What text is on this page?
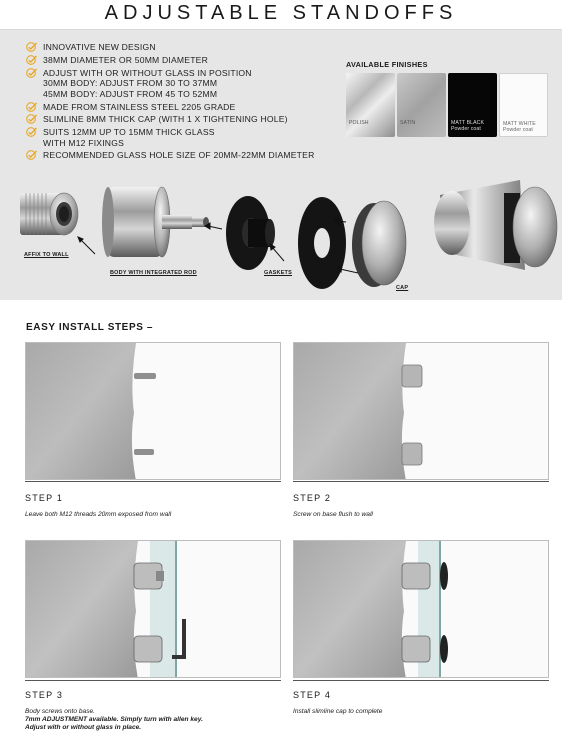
ADJUSTABLE STANDOFFS
INNOVATIVE NEW DESIGN
38MM DIAMETER OR 50MM DIAMETER
ADJUST WITH OR WITHOUT GLASS IN POSITION
30MM BODY: ADJUST FROM 30 TO 37MM
45MM BODY: ADJUST FROM 45 TO 52MM
MADE FROM STAINLESS STEEL 2205 GRADE
SLIMLINE 8MM THICK CAP (WITH 1 X TIGHTENING HOLE)
SUITS 12MM UP TO 15MM THICK GLASS
WITH M12 FIXINGS
RECOMMENDED GLASS HOLE SIZE OF 20MM-22MM DIAMETER
AVAILABLE FINISHES
POLISH	SATIN	MATT BLACK
Powder coat
MATT WHITE
Powder coat
AFFIX TO WALL
BODY WITH INTEGRATED ROD	GASKETS
CAP
EASY INSTALL STEPS –
STEP 1
Leave both M12 threads 20mm exposed from wall
STEP 2
Screw on base flush to wall
STEP 3
Body screws onto base.
7mm ADJUSTMENT available. Simply turn with allen key.
Adjust with or without glass in place.
STEP 4
Install slimline cap to complete
